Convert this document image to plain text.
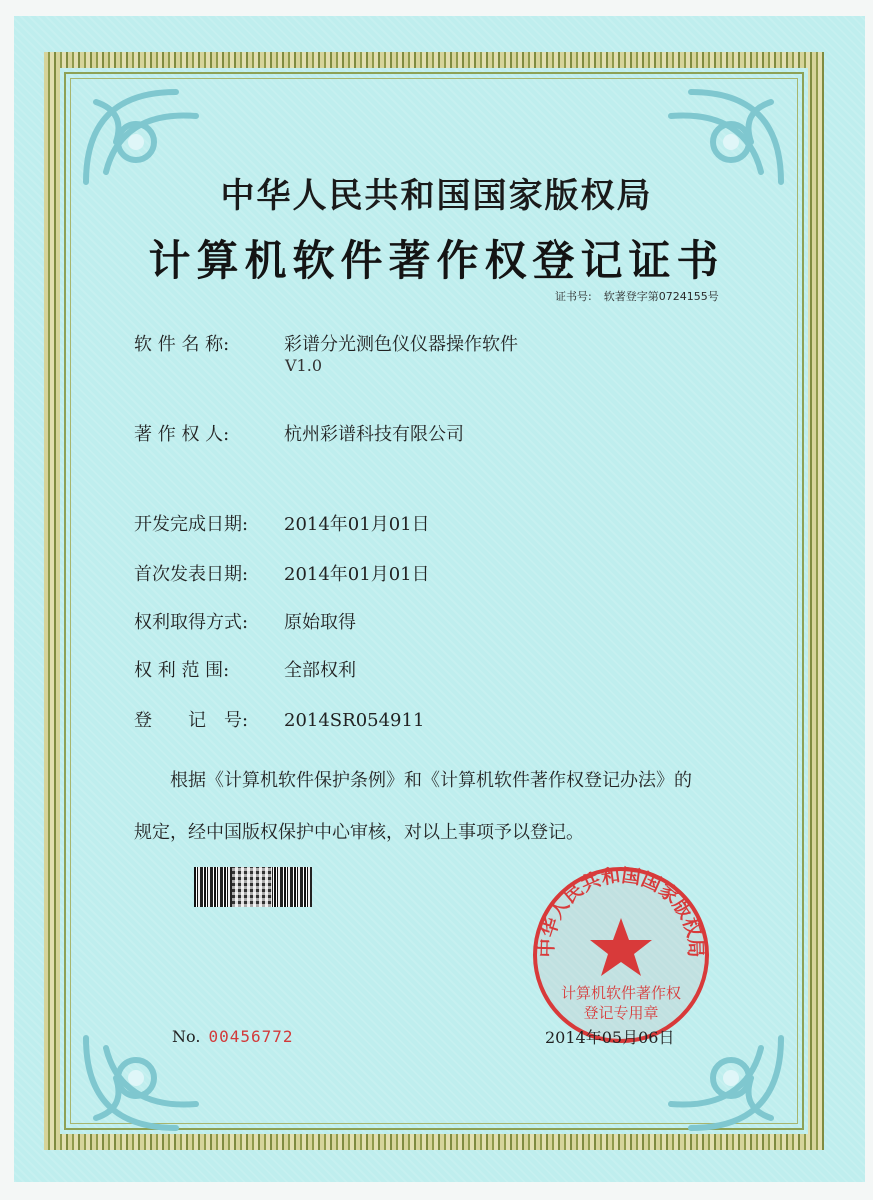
中华人民共和国国家版权局
计算机软件著作权登记证书
证书号: 软著登字第0724155号
软 件 名 称:	彩谱分光测色仪仪器操作软件
V1.0
著 作 权 人:	杭州彩谱科技有限公司
开发完成日期: 2014年01月01日
首次发表日期: 2014年01月01日
权利取得方式: 原始取得
权 利 范 围:	全部权利
登　　记　号: 2014SR054911
根据《计算机软件保护条例》和《计算机软件著作权登记办法》的
规定，经中国版权保护中心审核，对以上事项予以登记。
No. 00456772
中华人民共和国国家版权局
计算机软件著作权
登记专用章
2014年05月06日
